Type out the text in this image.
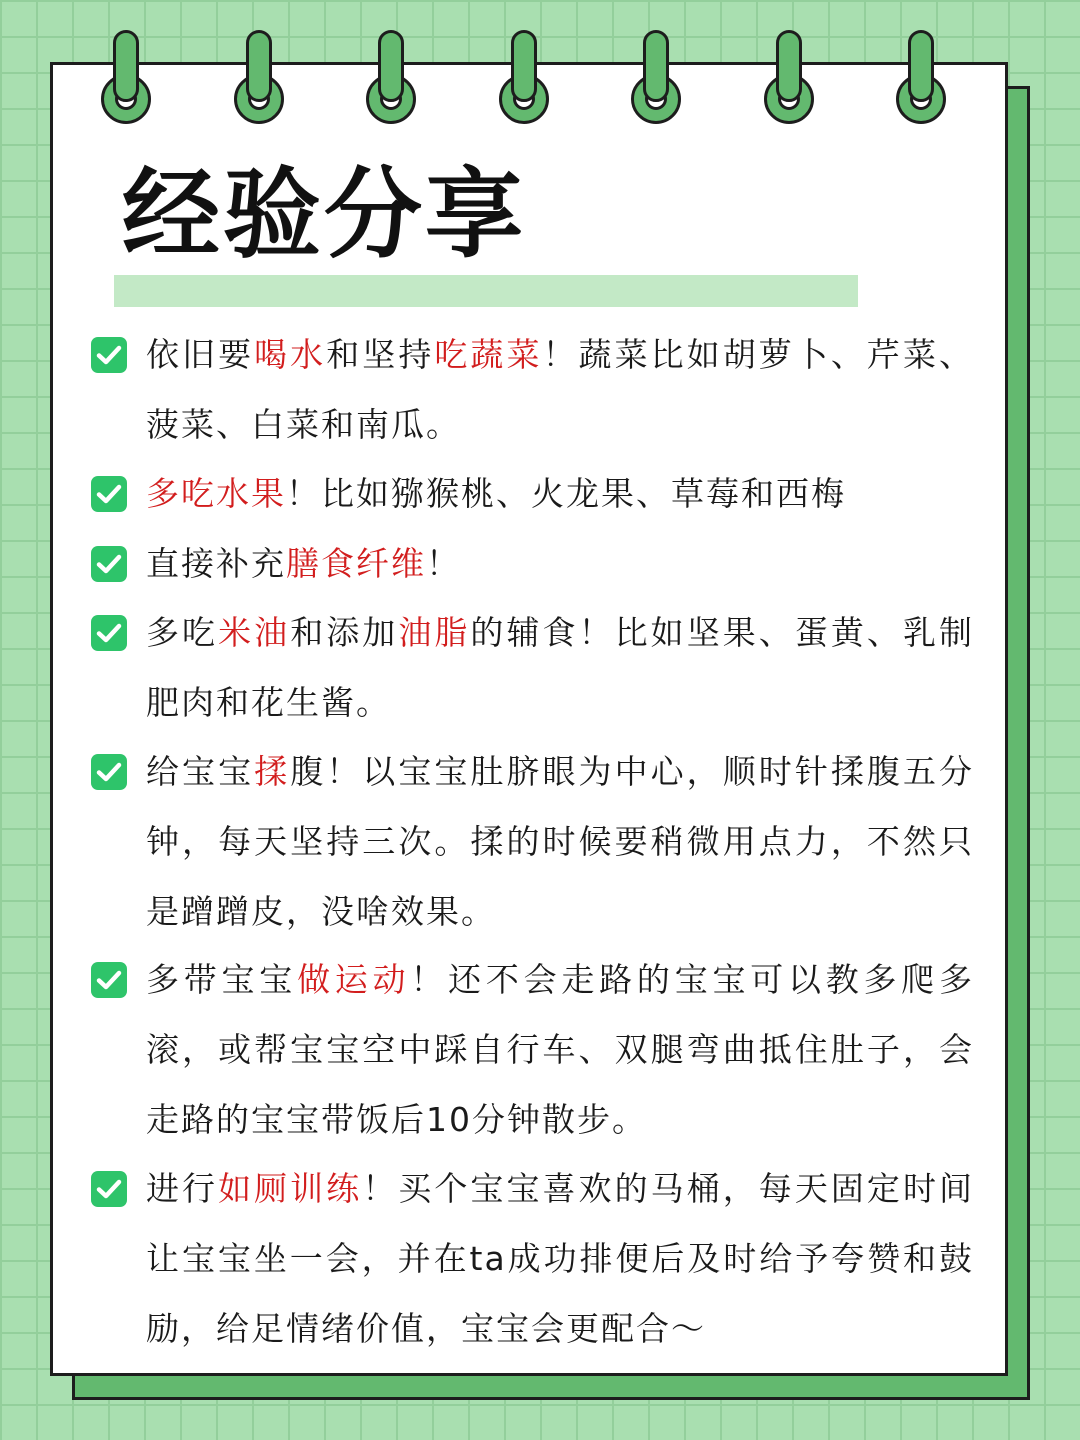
经验分享
依旧要喝水和坚持吃蔬菜！蔬菜比如胡萝卜、芹菜、菠菜、白菜和南瓜。
多吃水果！比如猕猴桃、火龙果、草莓和西梅
直接补充膳食纤维！
多吃米油和添加油脂的辅食！比如坚果、蛋黄、乳制肥肉和花生酱。
给宝宝揉腹！以宝宝肚脐眼为中心，顺时针揉腹五分钟，每天坚持三次。揉的时候要稍微用点力，不然只是蹭蹭皮，没啥效果。
多带宝宝做运动！还不会走路的宝宝可以教多爬多滚，或帮宝宝空中踩自行车、双腿弯曲抵住肚子，会走路的宝宝带饭后10分钟散步。
进行如厕训练！买个宝宝喜欢的马桶，每天固定时间让宝宝坐一会，并在ta成功排便后及时给予夸赞和鼓励，给足情绪价值，宝宝会更配合～
